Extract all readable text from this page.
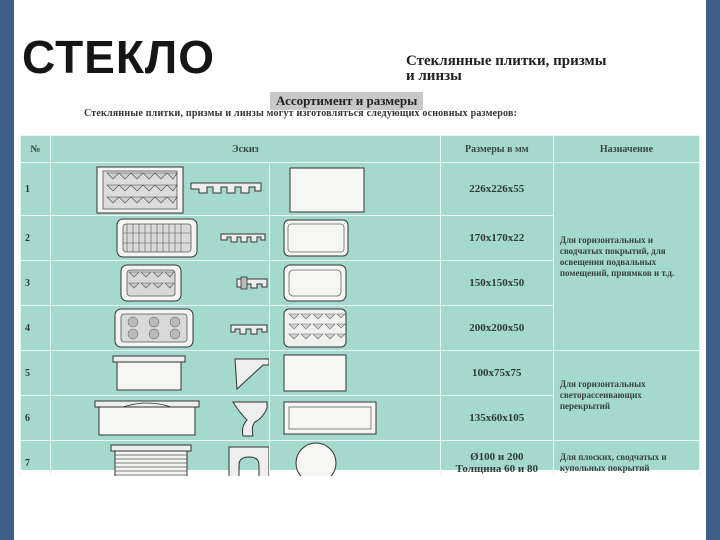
СТЕКЛО	Стеклянные плитки, призмы
и линзы
Ассортимент и размеры
Стеклянные плитки, призмы и линзы могут изготовляться следующих основных размеров:
№	Эскиз		Размеры в мм	Назначение
1			226x226x55	Для горизонтальных и сводчатых покрытий, для освещения подвальных помещений, приямков и т.д.

2			170x170x22	
3			150x150x50	
4			200x200x50	
5			100x75x75	Для горизонтальных светорассеивающих перекрытий

6			135x60x105	
7			Ø100 и 200
Толщина 60 и 80	Для плоских, сводчатых и купольных покрытий
